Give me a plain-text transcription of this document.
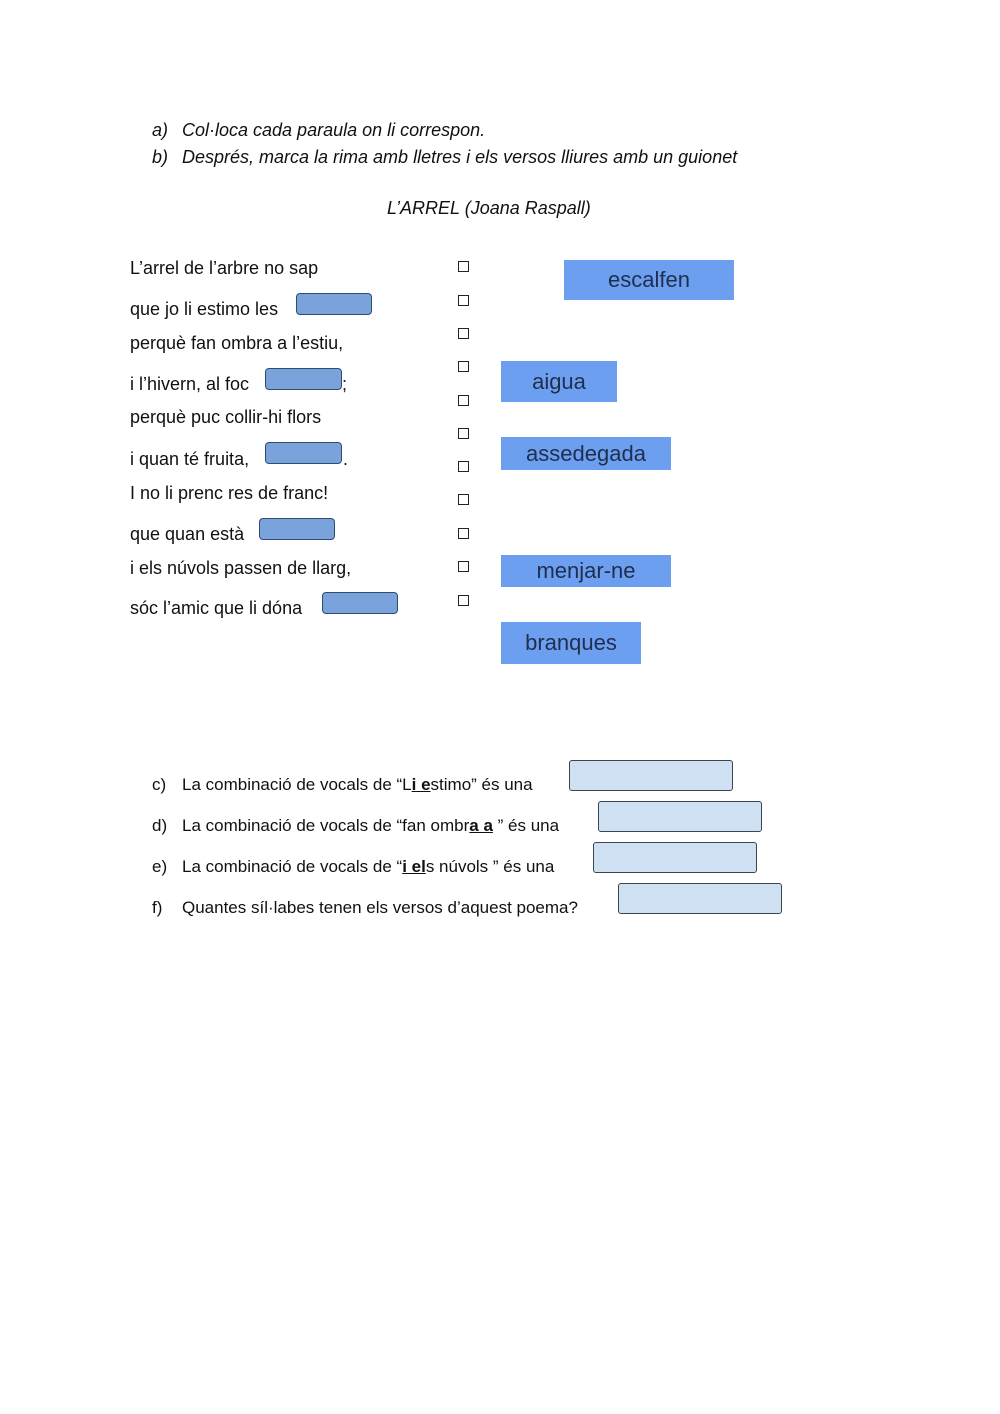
a) Col·loca cada paraula on li correspon.
b) Després, marca la rima amb lletres i els versos lliures amb un guionet
L’ARREL (Joana Raspall)
L’arrel de l’arbre no sap
que jo li estimo les
perquè fan ombra a l’estiu,
i l’hivern, al foc	;
perquè puc collir-hi flors
i quan té fruita,	.
I no li prenc res de franc!
que quan està
i els núvols passen de llarg,
sóc l’amic que li dóna
escalfen
aigua
assedegada
menjar-ne
branques
c) La combinació de vocals de “Li estimo” és una
d) La combinació de vocals de “fan ombra a ” és una
e) La combinació de vocals de “i els núvols ” és una
f) Quantes síl·labes tenen els versos d’aquest poema?
